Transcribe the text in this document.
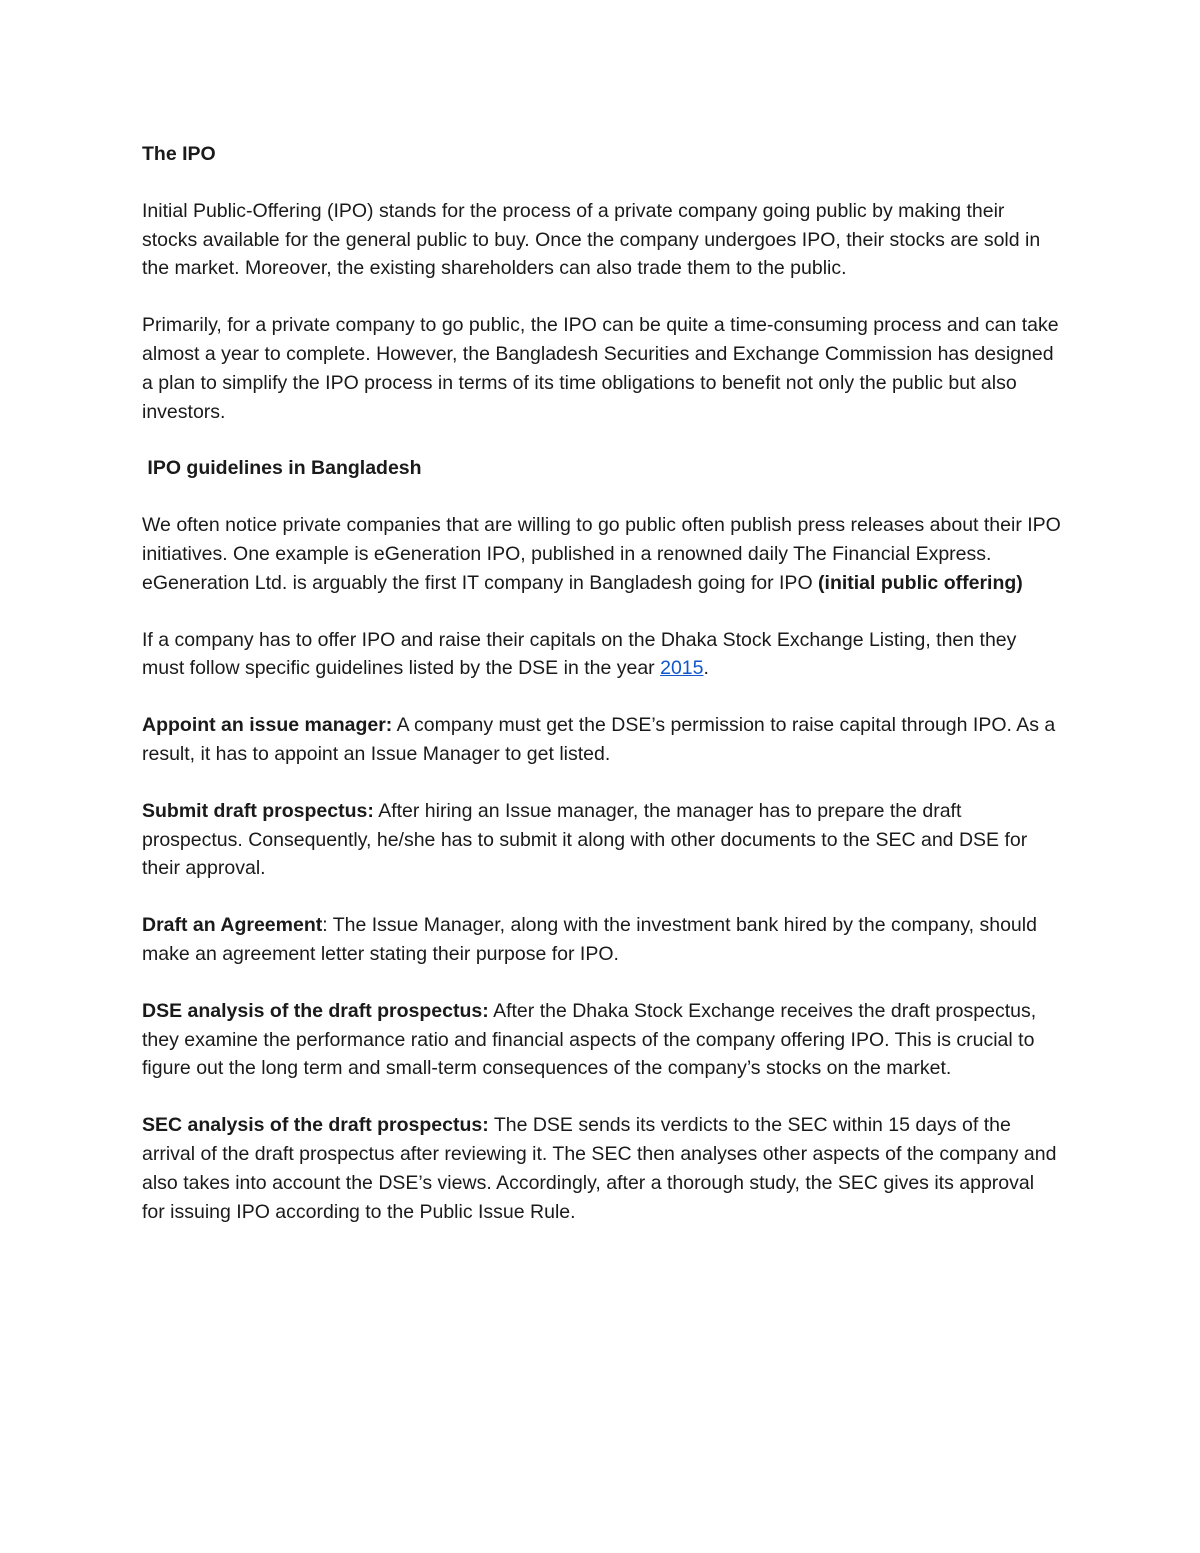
The IPO

Initial Public-Offering (IPO) stands for the process of a private company going public by making their stocks available for the general public to buy. Once the company undergoes IPO, their stocks are sold in the market. Moreover, the existing shareholders can also trade them to the public.

Primarily, for a private company to go public, the IPO can be quite a time-consuming process and can take almost a year to complete. However, the Bangladesh Securities and Exchange Commission has designed a plan to simplify the IPO process in terms of its time obligations to benefit not only the public but also investors.

IPO guidelines in Bangladesh

We often notice private companies that are willing to go public often publish press releases about their IPO initiatives. One example is eGeneration IPO, published in a renowned daily The Financial Express. eGeneration Ltd. is arguably the first IT company in Bangladesh going for IPO (initial public offering)

If a company has to offer IPO and raise their capitals on the Dhaka Stock Exchange Listing, then they must follow specific guidelines listed by the DSE in the year 2015.

Appoint an issue manager: A company must get the DSE’s permission to raise capital through IPO. As a result, it has to appoint an Issue Manager to get listed.

Submit draft prospectus: After hiring an Issue manager, the manager has to prepare the draft prospectus. Consequently, he/she has to submit it along with other documents to the SEC and DSE for their approval.

Draft an Agreement: The Issue Manager, along with the investment bank hired by the company, should make an agreement letter stating their purpose for IPO.

DSE analysis of the draft prospectus: After the Dhaka Stock Exchange receives the draft prospectus, they examine the performance ratio and financial aspects of the company offering IPO. This is crucial to figure out the long term and small-term consequences of the company’s stocks on the market.

SEC analysis of the draft prospectus: The DSE sends its verdicts to the SEC within 15 days of the arrival of the draft prospectus after reviewing it. The SEC then analyses other aspects of the company and also takes into account the DSE’s views. Accordingly, after a thorough study, the SEC gives its approval for issuing IPO according to the Public Issue Rule.
